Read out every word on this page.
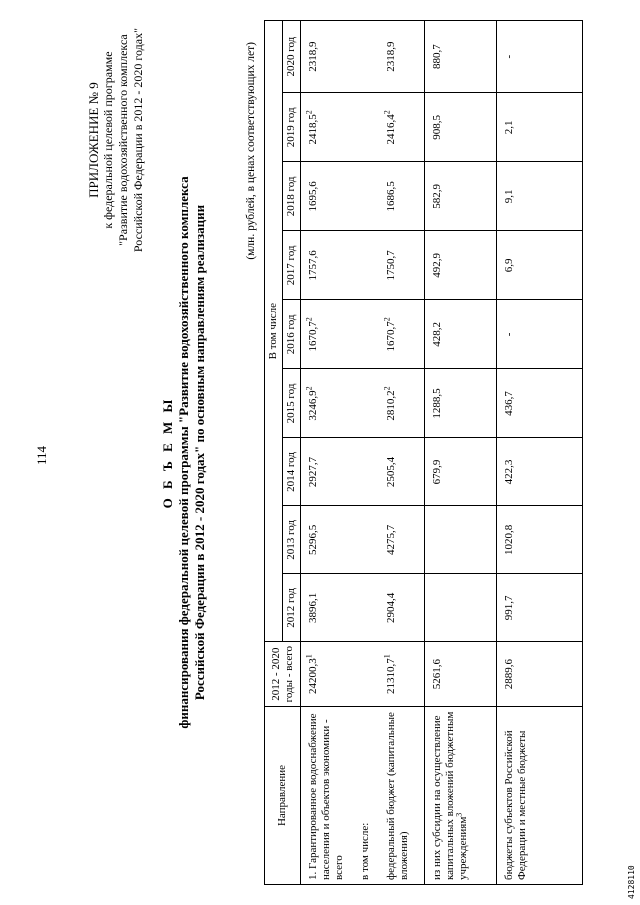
114
ПРИЛОЖЕНИЕ № 9 к федеральной целевой программе "Развитие водохозяйственного комплекса Российской Федерации в 2012 - 2020 годах"
О Б Ъ Е М Ы финансирования федеральной целевой программы "Развитие водохозяйственного комплекса Российской Федерации в 2012 - 2020 годах" по основным направлениям реализации
(млн. рублей, в ценах соответствующих лет)
Направление	2012 - 2020 годы - всего	В том числе								
		2012 год	2013 год	2014 год	2015 год	2016 год	2017 год	2018 год	2019 год	2020 год
1. Гарантированное водоснабжение населения и объектов экономики - всего	24200,3$^1$	3896,1	5296,5	2927,7	3246,9$^2$	1670,7$^2$	1757,6	1695,6	2418,5$^2$	2318,9
в том числе:										
федеральный бюджет (капитальные вложения)	21310,7$^1$	2904,4	4275,7	2505,4	2810,2$^2$	1670,7$^2$	1750,7	1686,5	2416,4$^2$	2318,9
из них субсидии на осуществление капитальных вложений бюджетным учреждениям$^3$	5261,6			679,9	1288,5	428,2	492,9	582,9	908,5	880,7
бюджеты субъектов Российской Федерации и местные бюджеты	2889,6	991,7	1020,8	422,3	436,7	-	6,9	9,1	2,1	-
4128110
